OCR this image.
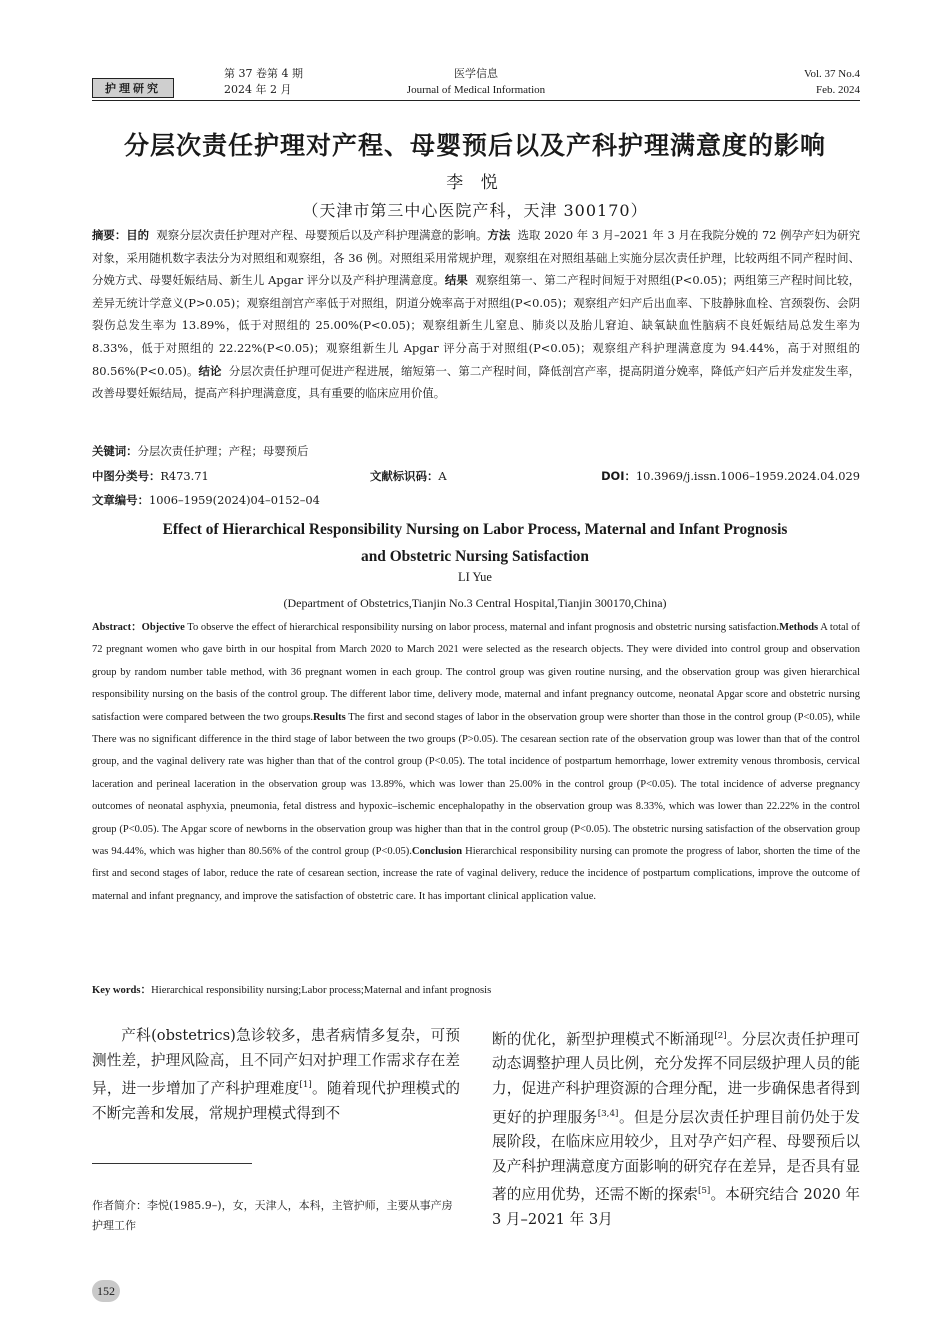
护理研究
第 37 卷第 4 期
2024 年 2 月
医学信息
Journal of Medical Information
Vol. 37 No.4
Feb. 2024
分层次责任护理对产程、母婴预后以及产科护理满意度的影响
李 悦
（天津市第三中心医院产科，天津 300170）
摘要：目的 观察分层次责任护理对产程、母婴预后以及产科护理满意的影响。方法 选取 2020 年 3 月–2021 年 3 月在我院分娩的 72 例孕产妇为研究对象，采用随机数字表法分为对照组和观察组，各 36 例。对照组采用常规护理，观察组在对照组基础上实施分层次责任护理，比较两组不同产程时间、分娩方式、母婴妊娠结局、新生儿 Apgar 评分以及产科护理满意度。结果 观察组第一、第二产程时间短于对照组(P<0.05)；两组第三产程时间比较，差异无统计学意义(P>0.05)；观察组剖宫产率低于对照组，阴道分娩率高于对照组(P<0.05)；观察组产妇产后出血率、下肢静脉血栓、宫颈裂伤、会阴裂伤总发生率为 13.89%，低于对照组的 25.00%(P<0.05)；观察组新生儿窒息、肺炎以及胎儿窘迫、缺氧缺血性脑病不良妊娠结局总发生率为 8.33%，低于对照组的 22.22%(P<0.05)；观察组新生儿 Apgar 评分高于对照组(P<0.05)；观察组产科护理满意度为 94.44%，高于对照组的 80.56%(P<0.05)。结论 分层次责任护理可促进产程进展，缩短第一、第二产程时间，降低剖宫产率，提高阴道分娩率，降低产妇产后并发症发生率，改善母婴妊娠结局，提高产科护理满意度，具有重要的临床应用价值。
关键词：分层次责任护理；产程；母婴预后
中图分类号：R473.71	文献标识码：A	DOI：10.3969/j.issn.1006–1959.2024.04.029
文章编号：1006–1959(2024)04–0152–04
Effect of Hierarchical Responsibility Nursing on Labor Process, Maternal and Infant Prognosis
and Obstetric Nursing Satisfaction
LI Yue
(Department of Obstetrics,Tianjin No.3 Central Hospital,Tianjin 300170,China)
Abstract：Objective To observe the effect of hierarchical responsibility nursing on labor process, maternal and infant prognosis and obstetric nursing satisfaction.Methods A total of 72 pregnant women who gave birth in our hospital from March 2020 to March 2021 were selected as the research objects. They were divided into control group and observation group by random number table method, with 36 pregnant women in each group. The control group was given routine nursing, and the observation group was given hierarchical responsibility nursing on the basis of the control group. The different labor time, delivery mode, maternal and infant pregnancy outcome, neonatal Apgar score and obstetric nursing satisfaction were compared between the two groups.Results The first and second stages of labor in the observation group were shorter than those in the control group (P<0.05), while There was no significant difference in the third stage of labor between the two groups (P>0.05). The cesarean section rate of the observation group was lower than that of the control group, and the vaginal delivery rate was higher than that of the control group (P<0.05). The total incidence of postpartum hemorrhage, lower extremity venous thrombosis, cervical laceration and perineal laceration in the observation group was 13.89%, which was lower than 25.00% in the control group (P<0.05). The total incidence of adverse pregnancy outcomes of neonatal asphyxia, pneumonia, fetal distress and hypoxic–ischemic encephalopathy in the observation group was 8.33%, which was lower than 22.22% in the control group (P<0.05). The Apgar score of newborns in the observation group was higher than that in the control group (P<0.05). The obstetric nursing satisfaction of the observation group was 94.44%, which was higher than 80.56% of the control group (P<0.05).Conclusion Hierarchical responsibility nursing can promote the progress of labor, shorten the time of the first and second stages of labor, reduce the rate of cesarean section, increase the rate of vaginal delivery, reduce the incidence of postpartum complications, improve the outcome of maternal and infant pregnancy, and improve the satisfaction of obstetric care. It has important clinical application value.
Key words：Hierarchical responsibility nursing;Labor process;Maternal and infant prognosis

产科(obstetrics)急诊较多，患者病情多复杂，可预测性差，护理风险高，且不同产妇对护理工作需求存在差异，进一步增加了产科护理难度[1]。随着现代护理模式的不断完善和发展，常规护理模式得到不

作者简介：李悦(1985.9–)，女，天津人，本科，主管护师，主要从事产房护理工作

断的优化，新型护理模式不断涌现[2]。分层次责任护理可动态调整护理人员比例，充分发挥不同层级护理人员的能力，促进产科护理资源的合理分配，进一步确保患者得到更好的护理服务[3,4]。但是分层次责任护理目前仍处于发展阶段，在临床应用较少，且对孕产妇产程、母婴预后以及产科护理满意度方面影响的研究存在差异，是否具有显著的应用优势，还需不断的探索[5]。本研究结合 2020 年 3 月–2021 年 3月

152
